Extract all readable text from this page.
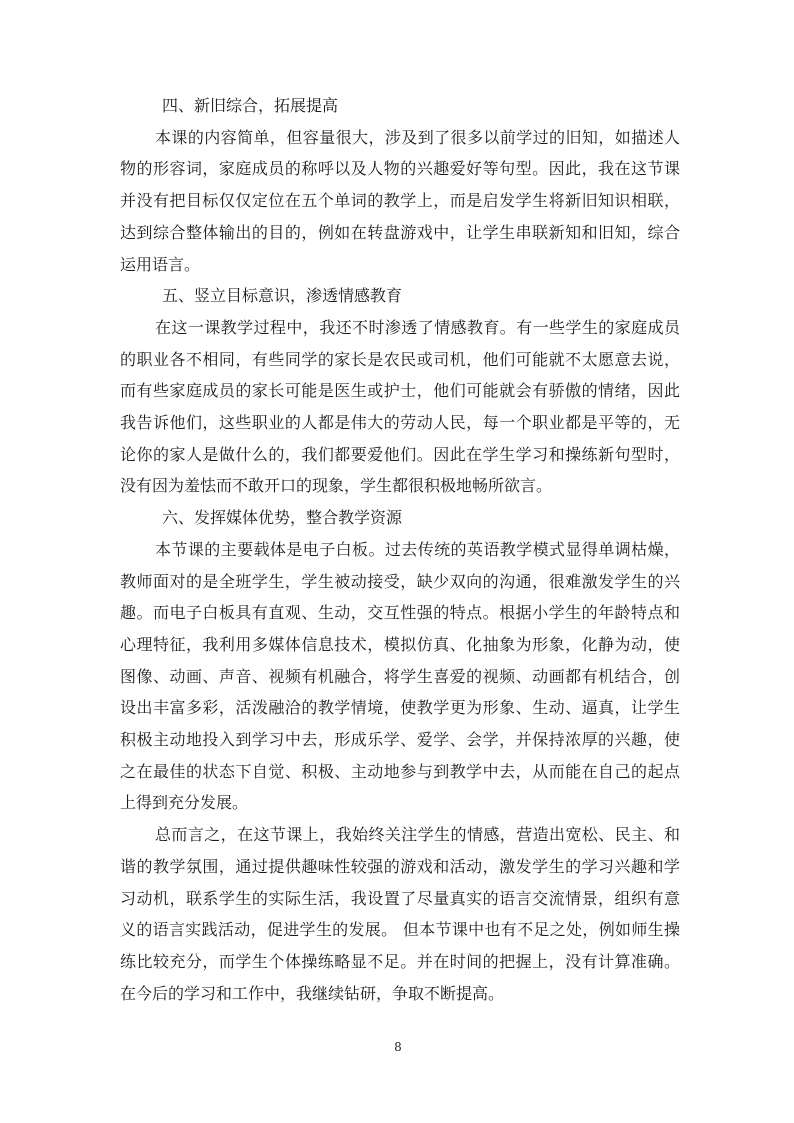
四、新旧综合，拓展提高
本课的内容简单，但容量很大，涉及到了很多以前学过的旧知，如描述人
物的形容词，家庭成员的称呼以及人物的兴趣爱好等句型。因此，我在这节课
并没有把目标仅仅定位在五个单词的教学上，而是启发学生将新旧知识相联，
达到综合整体输出的目的，例如在转盘游戏中，让学生串联新知和旧知，综合
运用语言。
五、竖立目标意识，渗透情感教育
在这一课教学过程中，我还不时渗透了情感教育。有一些学生的家庭成员
的职业各不相同，有些同学的家长是农民或司机，他们可能就不太愿意去说，
而有些家庭成员的家长可能是医生或护士，他们可能就会有骄傲的情绪，因此
我告诉他们，这些职业的人都是伟大的劳动人民，每一个职业都是平等的，无
论你的家人是做什么的，我们都要爱他们。因此在学生学习和操练新句型时，
没有因为羞怯而不敢开口的现象，学生都很积极地畅所欲言。
六、发挥媒体优势，整合教学资源
本节课的主要载体是电子白板。过去传统的英语教学模式显得单调枯燥，
教师面对的是全班学生，学生被动接受，缺少双向的沟通，很难激发学生的兴
趣。而电子白板具有直观、生动，交互性强的特点。根据小学生的年龄特点和
心理特征，我利用多媒体信息技术，模拟仿真、化抽象为形象，化静为动，使
图像、动画、声音、视频有机融合，将学生喜爱的视频、动画都有机结合，创
设出丰富多彩，活泼融洽的教学情境，使教学更为形象、生动、逼真，让学生
积极主动地投入到学习中去，形成乐学、爱学、会学，并保持浓厚的兴趣，使
之在最佳的状态下自觉、积极、主动地参与到教学中去，从而能在自己的起点
上得到充分发展。
总而言之，在这节课上，我始终关注学生的情感，营造出宽松、民主、和
谐的教学氛围，通过提供趣味性较强的游戏和活动，激发学生的学习兴趣和学
习动机，联系学生的实际生活，我设置了尽量真实的语言交流情景，组织有意
义的语言实践活动，促进学生的发展。 但本节课中也有不足之处，例如师生操
练比较充分，而学生个体操练略显不足。并在时间的把握上，没有计算准确。
在今后的学习和工作中，我继续钻研，争取不断提高。
8
